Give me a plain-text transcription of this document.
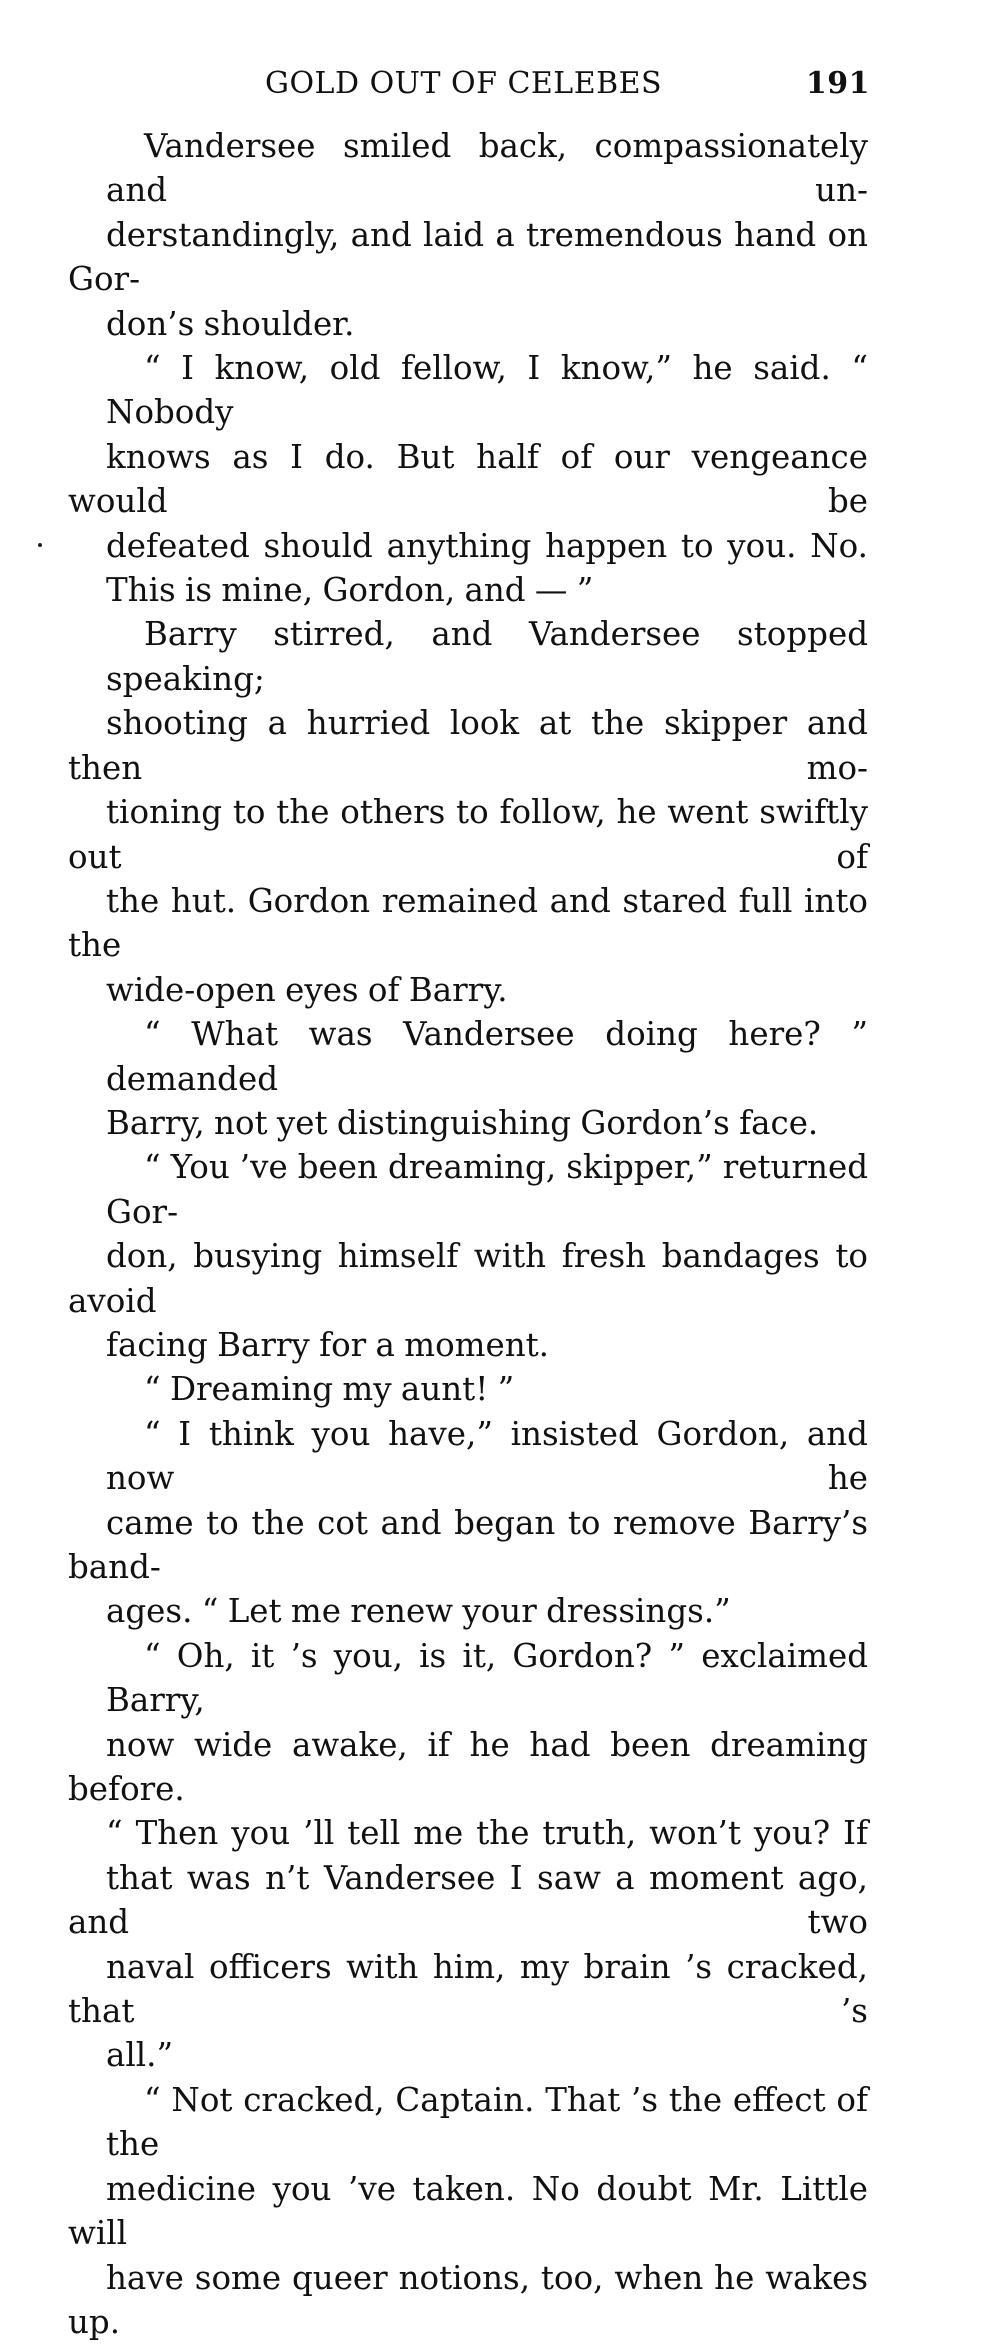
GOLD OUT OF CELEBES	191

Vandersee smiled back, compassionately and un-
derstandingly, and laid a tremendous hand on Gor-
don’s shoulder.

“ I know, old fellow, I know,” he said. “ Nobody
knows as I do. But half of our vengeance would be
defeated should anything happen to you. No.
This is mine, Gordon, and — ”

Barry stirred, and Vandersee stopped speaking;
shooting a hurried look at the skipper and then mo-
tioning to the others to follow, he went swiftly out of
the hut. Gordon remained and stared full into the
wide-open eyes of Barry.

“ What was Vandersee doing here? ” demanded
Barry, not yet distinguishing Gordon’s face.

“ You ’ve been dreaming, skipper,” returned Gor-
don, busying himself with fresh bandages to avoid
facing Barry for a moment.

“ Dreaming my aunt! ”

“ I think you have,” insisted Gordon, and now he
came to the cot and began to remove Barry’s band-
ages. “ Let me renew your dressings.”

“ Oh, it ’s you, is it, Gordon? ” exclaimed Barry,
now wide awake, if he had been dreaming before.
“ Then you ’ll tell me the truth, won’t you? If
that was n’t Vandersee I saw a moment ago, and two
naval officers with him, my brain ’s cracked, that ’s
all.”

“ Not cracked, Captain. That ’s the effect of the
medicine you ’ve taken. No doubt Mr. Little will
have some queer notions, too, when he wakes up.
